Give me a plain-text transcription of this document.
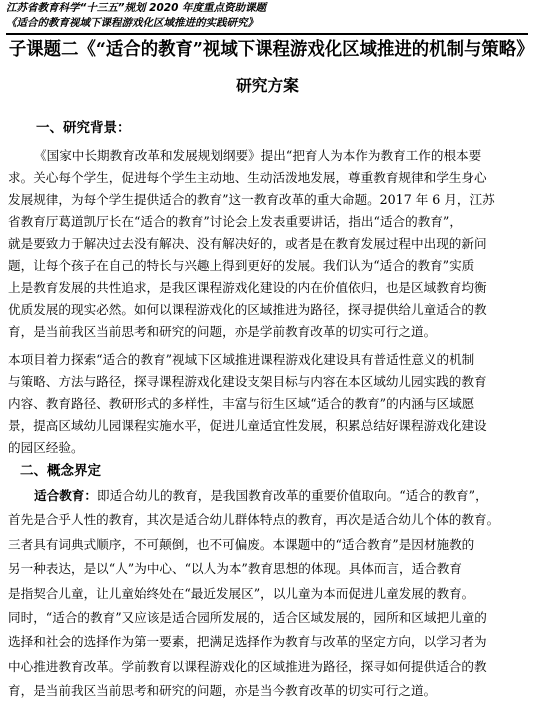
江苏省教育科学“十三五”规划 2020 年度重点资助课题
《适合的教育视域下课程游戏化区域推进的实践研究》
子课题二《“适合的教育”视域下课程游戏化区域推进的机制与策略》
研究方案
一、研究背景：
《国家中长期教育改革和发展规划纲要》提出“把育人为本作为教育工作的根本要
求。关心每个学生，促进每个学生主动地、生动活泼地发展，尊重教育规律和学生身心
发展规律，为每个学生提供适合的教育”这一教育改革的重大命题。2017 年 6 月，江苏
省教育厅葛道凯厅长在“适合的教育”讨论会上发表重要讲话，指出“适合的教育”，
就是要致力于解决过去没有解决、没有解决好的，或者是在教育发展过程中出现的新问
题，让每个孩子在自己的特长与兴趣上得到更好的发展。我们认为“适合的教育”实质
上是教育发展的共性追求，是我区课程游戏化建设的内在价值依归，也是区域教育均衡
优质发展的现实必然。如何以课程游戏化的区域推进为路径，探寻提供给儿童适合的教
育，是当前我区当前思考和研究的问题，亦是学前教育改革的切实可行之道。
本项目着力探索“适合的教育”视域下区域推进课程游戏化建设具有普适性意义的机制
与策略、方法与路径，探寻课程游戏化建设支架目标与内容在本区域幼儿园实践的教育
内容、教育路径、教研形式的多样性，丰富与衍生区域“适合的教育”的内涵与区域愿
景，提高区域幼儿园课程实施水平，促进儿童适宜性发展，积累总结好课程游戏化建设
的园区经验。
二、概念界定
适合教育：即适合幼儿的教育，是我国教育改革的重要价值取向。“适合的教育”，
首先是合乎人性的教育，其次是适合幼儿群体特点的教育，再次是适合幼儿个体的教育。
三者具有词典式顺序，不可颠倒，也不可偏废。本课题中的“适合教育”是因材施教的
另一种表达，是以“人”为中心、“以人为本”教育思想的体现。具体而言，适合教育
是指契合儿童，让儿童始终处在“最近发展区”，以儿童为本而促进儿童发展的教育。
同时，“适合的教育”又应该是适合园所发展的，适合区域发展的，园所和区域把儿童的
选择和社会的选择作为第一要素，把满足选择作为教育与改革的坚定方向，以学习者为
中心推进教育改革。学前教育以课程游戏化的区域推进为路径，探寻如何提供适合的教
育，是当前我区当前思考和研究的问题，亦是当今教育改革的切实可行之道。
